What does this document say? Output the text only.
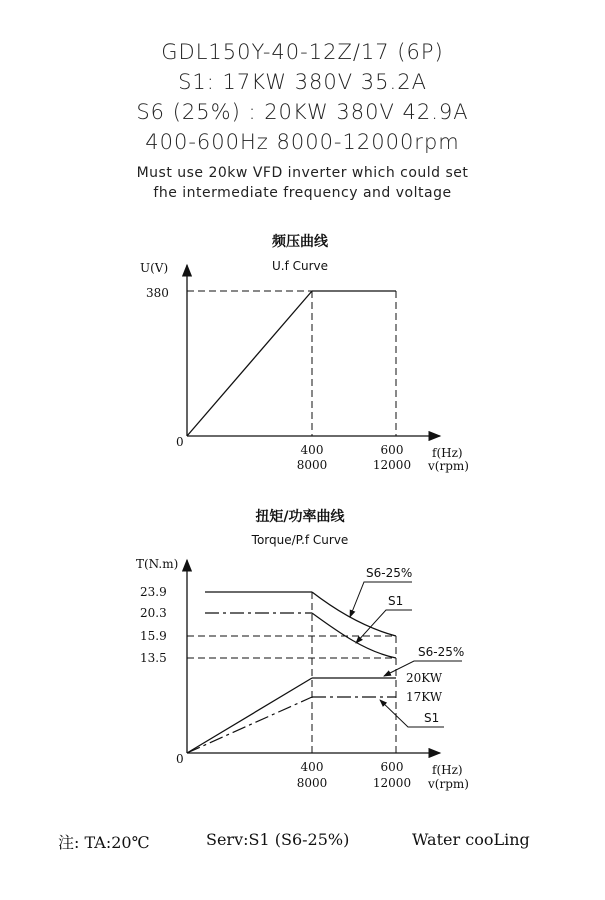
GDL150Y-40-12Z/17 (6P)
S1: 17KW 380V 35.2A
S6 (25%) : 20KW 380V 42.9A
400-600Hz 8000-12000rpm
Must use 20kw VFD inverter which could set
fhe intermediate frequency and voltage
频压曲线
U.f Curve
U(V)
380
0
400
8000
600
12000
f(Hz)
v(rpm)
扭矩/功率曲线
Torque/P.f Curve
T(N.m)
23.9
20.3
15.9
13.5
0
S6-25%
S1
S6-25%
20KW
17KW
S1
400
8000
600
12000
f(Hz)
v(rpm)
注: TA:20℃	Serv:S1 (S6-25%)	Water cooLing
